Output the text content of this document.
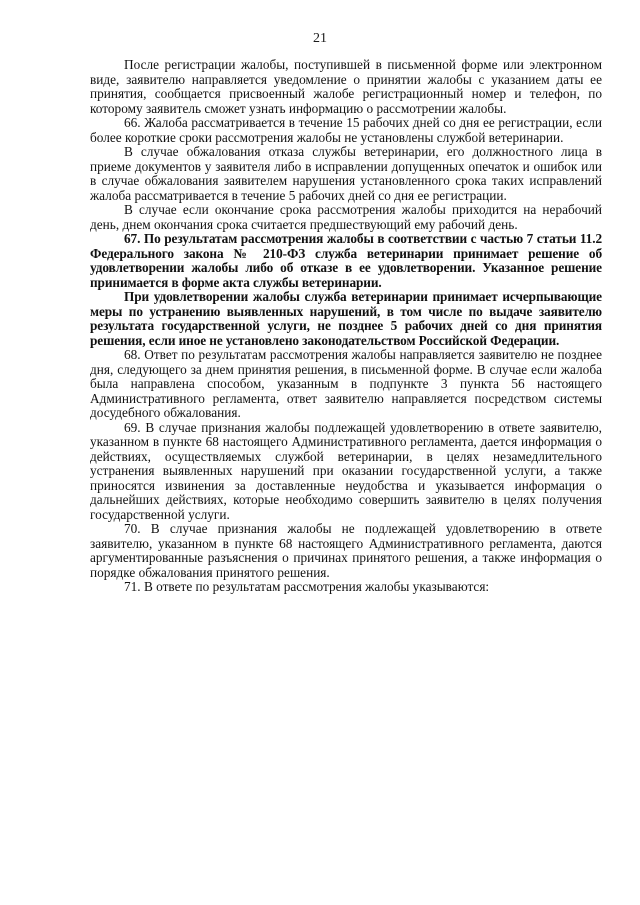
21

После регистрации жалобы, поступившей в письменной форме или электронном виде, заявителю направляется уведомление о принятии жалобы с указанием даты ее принятия, сообщается присвоенный жалобе регистрационный номер и телефон, по которому заявитель сможет узнать информацию о рассмотрении жалобы.

66. Жалоба рассматривается в течение 15 рабочих дней со дня ее регистрации, если более короткие сроки рассмотрения жалобы не установлены службой ветеринарии.

В случае обжалования отказа службы ветеринарии, его должностного лица в приеме документов у заявителя либо в исправлении допущенных опечаток и ошибок или в случае обжалования заявителем нарушения установленного срока таких исправлений жалоба рассматривается в течение 5 рабочих дней со дня ее регистрации.

В случае если окончание срока рассмотрения жалобы приходится на нерабочий день, днем окончания срока считается предшествующий ему рабочий день.

67. По результатам рассмотрения жалобы в соответствии с частью 7 статьи 11.2 Федерального закона № 210-ФЗ служба ветеринарии принимает решение об удовлетворении жалобы либо об отказе в ее удовлетворении. Указанное решение принимается в форме акта службы ветеринарии.

При удовлетворении жалобы служба ветеринарии принимает исчерпывающие меры по устранению выявленных нарушений, в том числе по выдаче заявителю результата государственной услуги, не позднее 5 рабочих дней со дня принятия решения, если иное не установлено законодательством Российской Федерации.

68. Ответ по результатам рассмотрения жалобы направляется заявителю не позднее дня, следующего за днем принятия решения, в письменной форме. В случае если жалоба была направлена способом, указанным в подпункте 3 пункта 56 настоящего Административного регламента, ответ заявителю направляется посредством системы досудебного обжалования.

69. В случае признания жалобы подлежащей удовлетворению в ответе заявителю, указанном в пункте 68 настоящего Административного регламента, дается информация о действиях, осуществляемых службой ветеринарии, в целях незамедлительного устранения выявленных нарушений при оказании государственной услуги, а также приносятся извинения за доставленные неудобства и указывается информация о дальнейших действиях, которые необходимо совершить заявителю в целях получения государственной услуги.

70. В случае признания жалобы не подлежащей удовлетворению в ответе заявителю, указанном в пункте 68 настоящего Административного регламента, даются аргументированные разъяснения о причинах принятого решения, а также информация о порядке обжалования принятого решения.

71. В ответе по результатам рассмотрения жалобы указываются:
